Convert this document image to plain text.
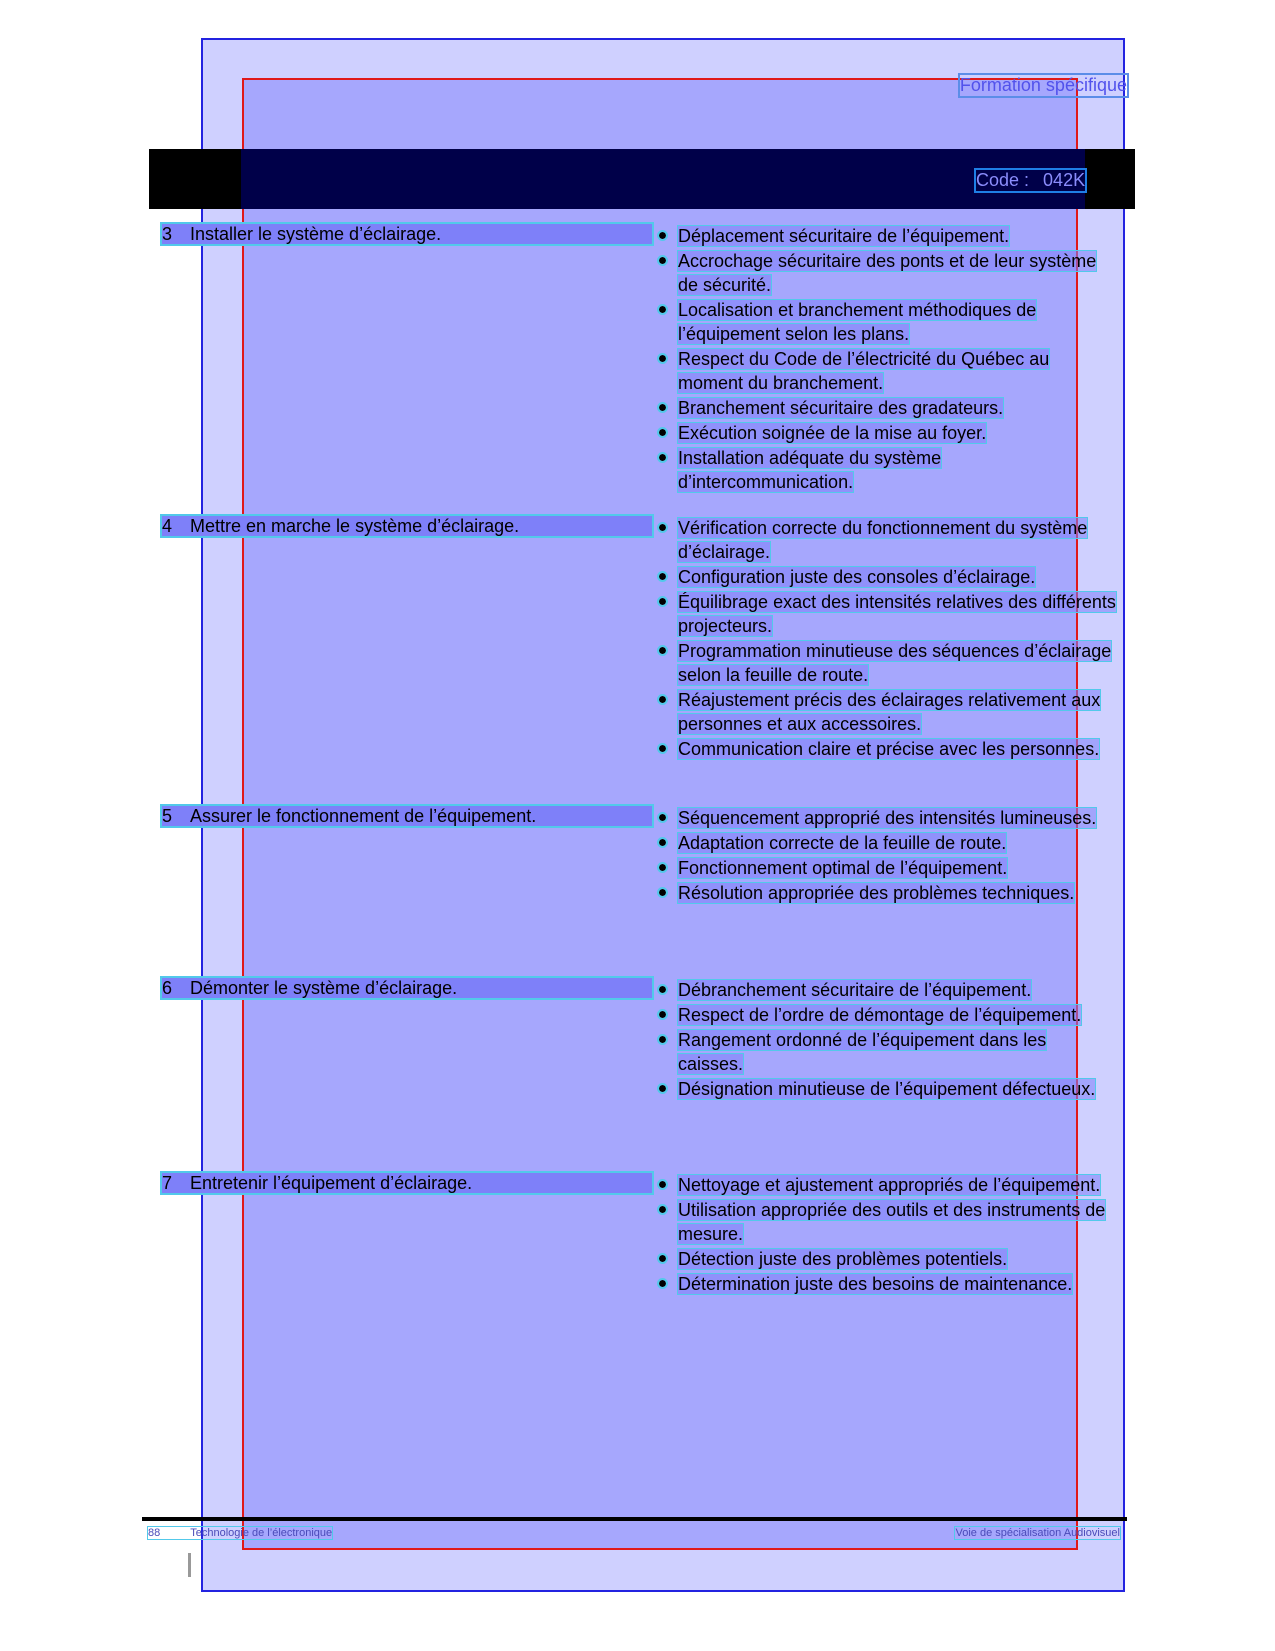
Formation spécifique
Code : 042K
3 Installer le système d’éclairage.	Déplacement sécuritaire de l’équipement.
Accrochage sécuritaire des ponts et de leur système de sécurité.
Localisation et branchement méthodiques de l’équipement selon les plans.
Respect du Code de l’électricité du Québec au moment du branchement.
Branchement sécuritaire des gradateurs.
Exécution soignée de la mise au foyer.
Installation adéquate du système d’intercommunication.
4 Mettre en marche le système d’éclairage.	Vérification correcte du fonctionnement du système d’éclairage.
Configuration juste des consoles d’éclairage.
Équilibrage exact des intensités relatives des différents projecteurs.
Programmation minutieuse des séquences d’éclairage selon la feuille de route.
Réajustement précis des éclairages relativement aux personnes et aux accessoires.
Communication claire et précise avec les personnes.
5 Assurer le fonctionnement de l’équipement.	Séquencement approprié des intensités lumineuses.
Adaptation correcte de la feuille de route.
Fonctionnement optimal de l’équipement.
Résolution appropriée des problèmes techniques.
6 Démonter le système d’éclairage.	Débranchement sécuritaire de l’équipement.
Respect de l’ordre de démontage de l’équipement.
Rangement ordonné de l’équipement dans les caisses.
Désignation minutieuse de l’équipement défectueux.
7 Entretenir l’équipement d’éclairage.	Nettoyage et ajustement appropriés de l’équipement.
Utilisation appropriée des outils et des instruments de mesure.
Détection juste des problèmes potentiels.
Détermination juste des besoins de maintenance.
88	Technologie de l’électronique	Voie de spécialisation Audiovisuel
